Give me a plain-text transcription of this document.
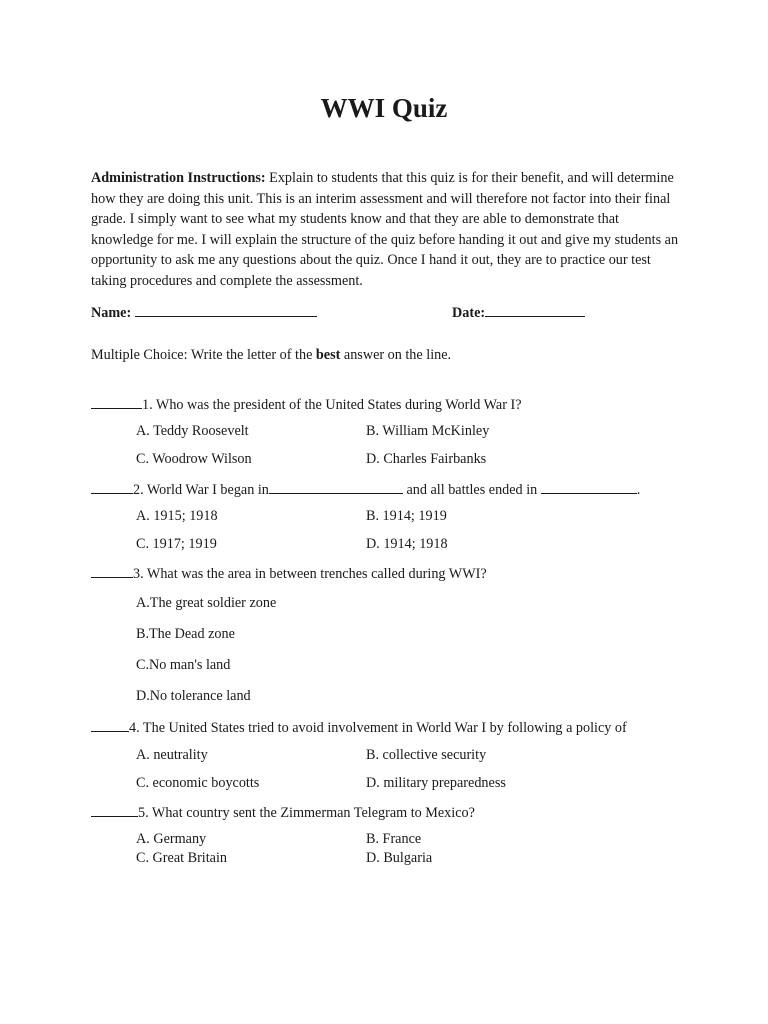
WWI Quiz

Administration Instructions: Explain to students that this quiz is for their benefit, and will determine how they are doing this unit. This is an interim assessment and will therefore not factor into their final grade. I simply want to see what my students know and that they are able to demonstrate that knowledge for me. I will explain the structure of the quiz before handing it out and give my students an opportunity to ask me any questions about the quiz. Once I hand it out, they are to practice our test taking procedures and complete the assessment.

Name:	Date:
Multiple Choice: Write the letter of the best answer on the line.
1. Who was the president of the United States during World War I?
A. Teddy Roosevelt	B. William McKinley
C. Woodrow Wilson	D. Charles Fairbanks
2. World War I began in	and all battles ended in	.
A. 1915; 1918	B. 1914; 1919
C. 1917; 1919	D. 1914; 1918
3. What was the area in between trenches called during WWI?
A.The great soldier zone
B.The Dead zone
C.No man's land
D.No tolerance land
4. The United States tried to avoid involvement in World War I by following a policy of
A. neutrality	B. collective security
C. economic boycotts	D. military preparedness
5. What country sent the Zimmerman Telegram to Mexico?
A. Germany	B. France
C. Great Britain	D. Bulgaria
